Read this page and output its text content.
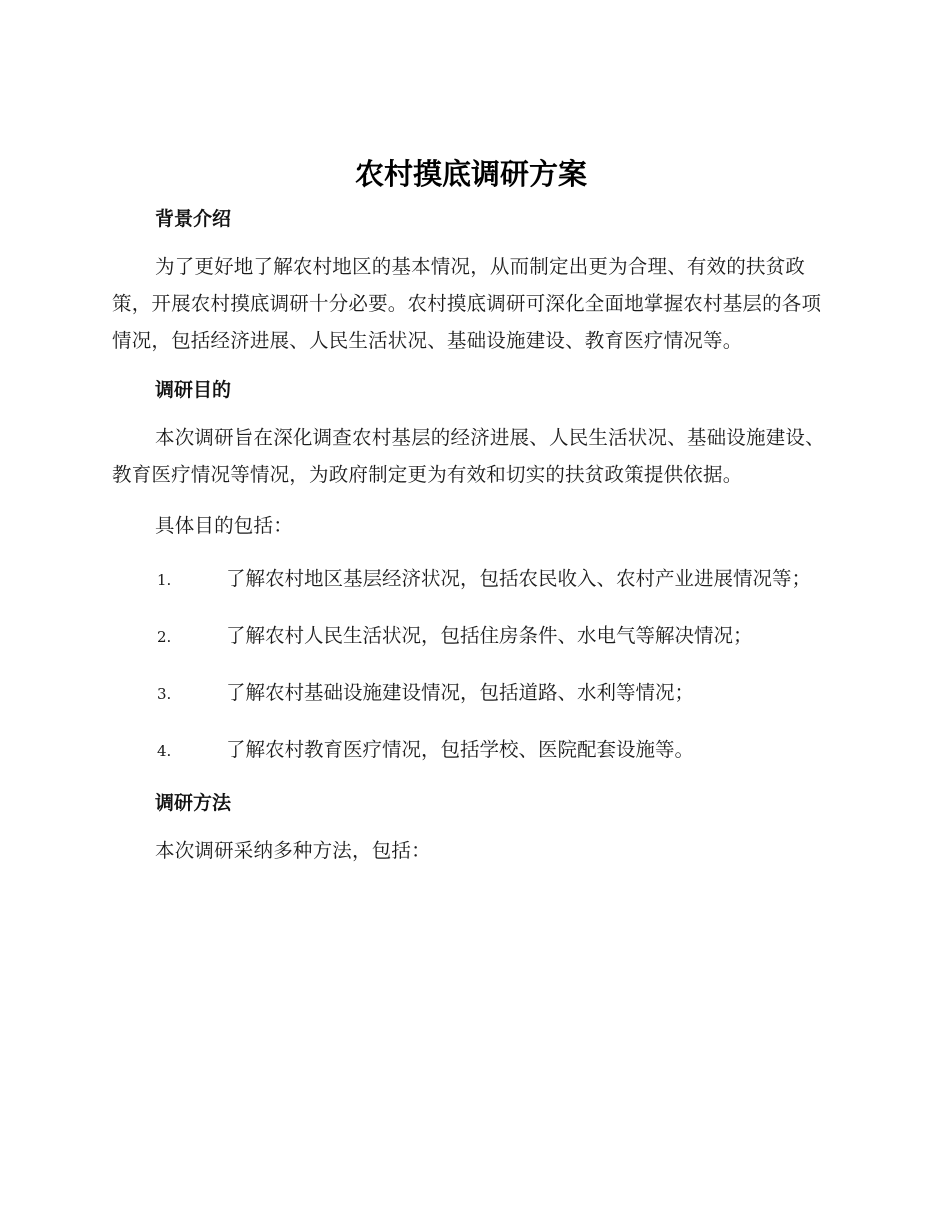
农村摸底调研方案
背景介绍

为了更好地了解农村地区的基本情况，从而制定出更为合理、有效的扶贫政策，开展农村摸底调研十分必要。农村摸底调研可深化全面地掌握农村基层的各项情况，包括经济进展、人民生活状况、基础设施建设、教育医疗情况等。

调研目的

本次调研旨在深化调查农村基层的经济进展、人民生活状况、基础设施建设、教育医疗情况等情况，为政府制定更为有效和切实的扶贫政策提供依据。

具体目的包括：

1.	了解农村地区基层经济状况，包括农民收入、农村产业进展情况等；
2.	了解农村人民生活状况，包括住房条件、水电气等解决情况；
3.	了解农村基础设施建设情况，包括道路、水利等情况；
4.	了解农村教育医疗情况，包括学校、医院配套设施等。
调研方法

本次调研采纳多种方法，包括：
